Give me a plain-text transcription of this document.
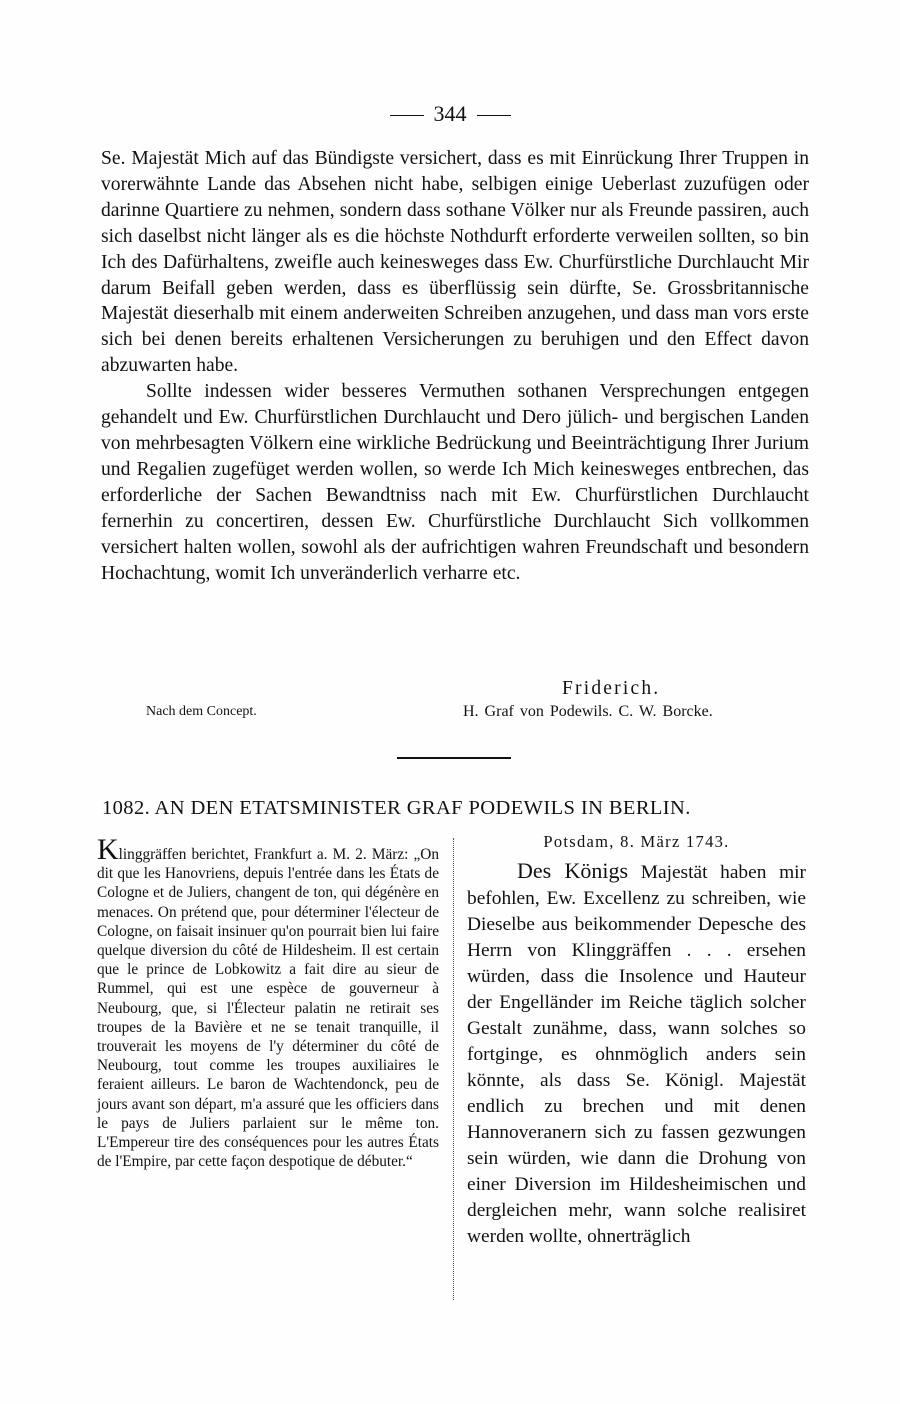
344

Se. Majestät Mich auf das Bündigste versichert, dass es mit Einrückung Ihrer Truppen in vorerwähnte Lande das Absehen nicht habe, selbigen einige Ueberlast zuzufügen oder darinne Quartiere zu nehmen, sondern dass sothane Völker nur als Freunde passiren, auch sich daselbst nicht länger als es die höchste Nothdurft erforderte verweilen sollten, so bin Ich des Dafürhaltens, zweifle auch keinesweges dass Ew. Churfürstliche Durchlaucht Mir darum Beifall geben werden, dass es überflüssig sein dürfte, Se. Grossbritannische Majestät dieserhalb mit einem anderweiten Schreiben anzugehen, und dass man vors erste sich bei denen bereits erhaltenen Versicherungen zu beruhigen und den Effect davon abzuwarten habe.

Sollte indessen wider besseres Vermuthen sothanen Versprechungen entgegen gehandelt und Ew. Churfürstlichen Durchlaucht und Dero jülich- und bergischen Landen von mehrbesagten Völkern eine wirkliche Bedrückung und Beeinträchtigung Ihrer Jurium und Regalien zugefüget werden wollen, so werde Ich Mich keinesweges entbrechen, das erforderliche der Sachen Bewandtniss nach mit Ew. Churfürstlichen Durchlaucht fernerhin zu concertiren, dessen Ew. Churfürstliche Durchlaucht Sich vollkommen versichert halten wollen, sowohl als der aufrichtigen wahren Freundschaft und besondern Hochachtung, womit Ich unveränderlich verharre etc.

Friderich.
Nach dem Concept.	H. Graf von Podewils. C. W. Borcke.
1082. AN DEN ETATSMINISTER GRAF PODEWILS IN BERLIN.
Klinggräffen berichtet, Frankfurt a. M. 2. März: „On dit que les Hanovriens, depuis l'entrée dans les États de Cologne et de Juliers, changent de ton, qui dégénère en menaces. On prétend que, pour déterminer l'électeur de Cologne, on faisait insinuer qu'on pourrait bien lui faire quelque diversion du côté de Hildesheim. Il est certain que le prince de Lobkowitz a fait dire au sieur de Rummel, qui est une espèce de gouverneur à Neubourg, que, si l'Électeur palatin ne retirait ses troupes de la Bavière et ne se tenait tranquille, il trouverait les moyens de l'y déterminer du côté de Neubourg, tout comme les troupes auxiliaires le feraient ailleurs. Le baron de Wachtendonck, peu de jours avant son départ, m'a assuré que les officiers dans le pays de Juliers parlaient sur le même ton. L'Empereur tire des conséquences pour les autres États de l'Empire, par cette façon despotique de débuter.“
Potsdam, 8. März 1743.

Des Königs Majestät haben mir befohlen, Ew. Excellenz zu schreiben, wie Dieselbe aus beikommender Depesche des Herrn von Klinggräffen . . . ersehen würden, dass die Insolence und Hauteur der Engelländer im Reiche täglich solcher Gestalt zunähme, dass, wann solches so fortginge, es ohnmöglich anders sein könnte, als dass Se. Königl. Majestät endlich zu brechen und mit denen Hannoveranern sich zu fassen gezwungen sein würden, wie dann die Drohung von einer Diversion im Hildesheimischen und dergleichen mehr, wann solche realisiret werden wollte, ohnerträglich
